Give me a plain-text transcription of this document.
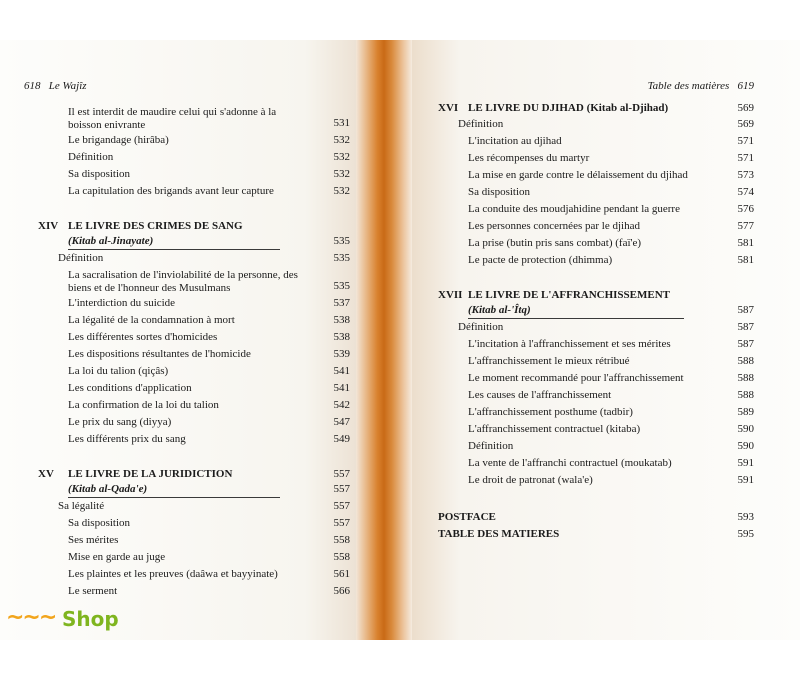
618 Le Wajîz
Il est interdit de maudire celui qui s'adonne à la boisson enivrante	531
Le brigandage (hirâba)	532
Définition	532
Sa disposition	532
La capitulation des brigands avant leur capture	532
XIV LE LIVRE DES CRIMES DE SANG
(Kitab al-Jinayate)	535
Définition	535
La sacralisation de l'inviolabilité de la personne, des biens et de l'honneur des Musulmans	535
L'interdiction du suicide	537
La légalité de la condamnation à mort	538
Les différentes sortes d'homicides	538
Les dispositions résultantes de l'homicide	539
La loi du talion (qiçâs)	541
Les conditions d'application	541
La confirmation de la loi du talion	542
Le prix du sang (diyya)	547
Les différents prix du sang	549
XV LE LIVRE DE LA JURIDICTION	557
(Kitab al-Qada'e)	557
Sa légalité	557
Sa disposition	557
Ses mérites	558
Mise en garde au juge	558
Les plaintes et les preuves (daâwa et bayyinate)	561
Le serment	566
Table des matières 619
XVI LE LIVRE DU DJIHAD (Kitab al-Djihad)	569
Définition	569
L'incitation au djihad	571
Les récompenses du martyr	571
La mise en garde contre le délaissement du djihad	573
Sa disposition	574
La conduite des moudjahidine pendant la guerre	576
Les personnes concernées par le djihad	577
La prise (butin pris sans combat) (faï'e)	581
Le pacte de protection (dhimma)	581
XVII LE LIVRE DE L'AFFRANCHISSEMENT
(Kitab al-'Îtq)	587
Définition	587
L'incitation à l'affranchissement et ses mérites	587
L'affranchissement le mieux rétribué	588
Le moment recommandé pour l'affranchissement	588
Les causes de l'affranchissement	588
L'affranchissement posthume (tadbir)	589
L'affranchissement contractuel (kitaba)	590
Définition	590
La vente de l'affranchi contractuel (moukatab)	591
Le droit de patronat (wala'e)	591
POSTFACE	593
TABLE DES MATIERES	595
~~~ Shop
